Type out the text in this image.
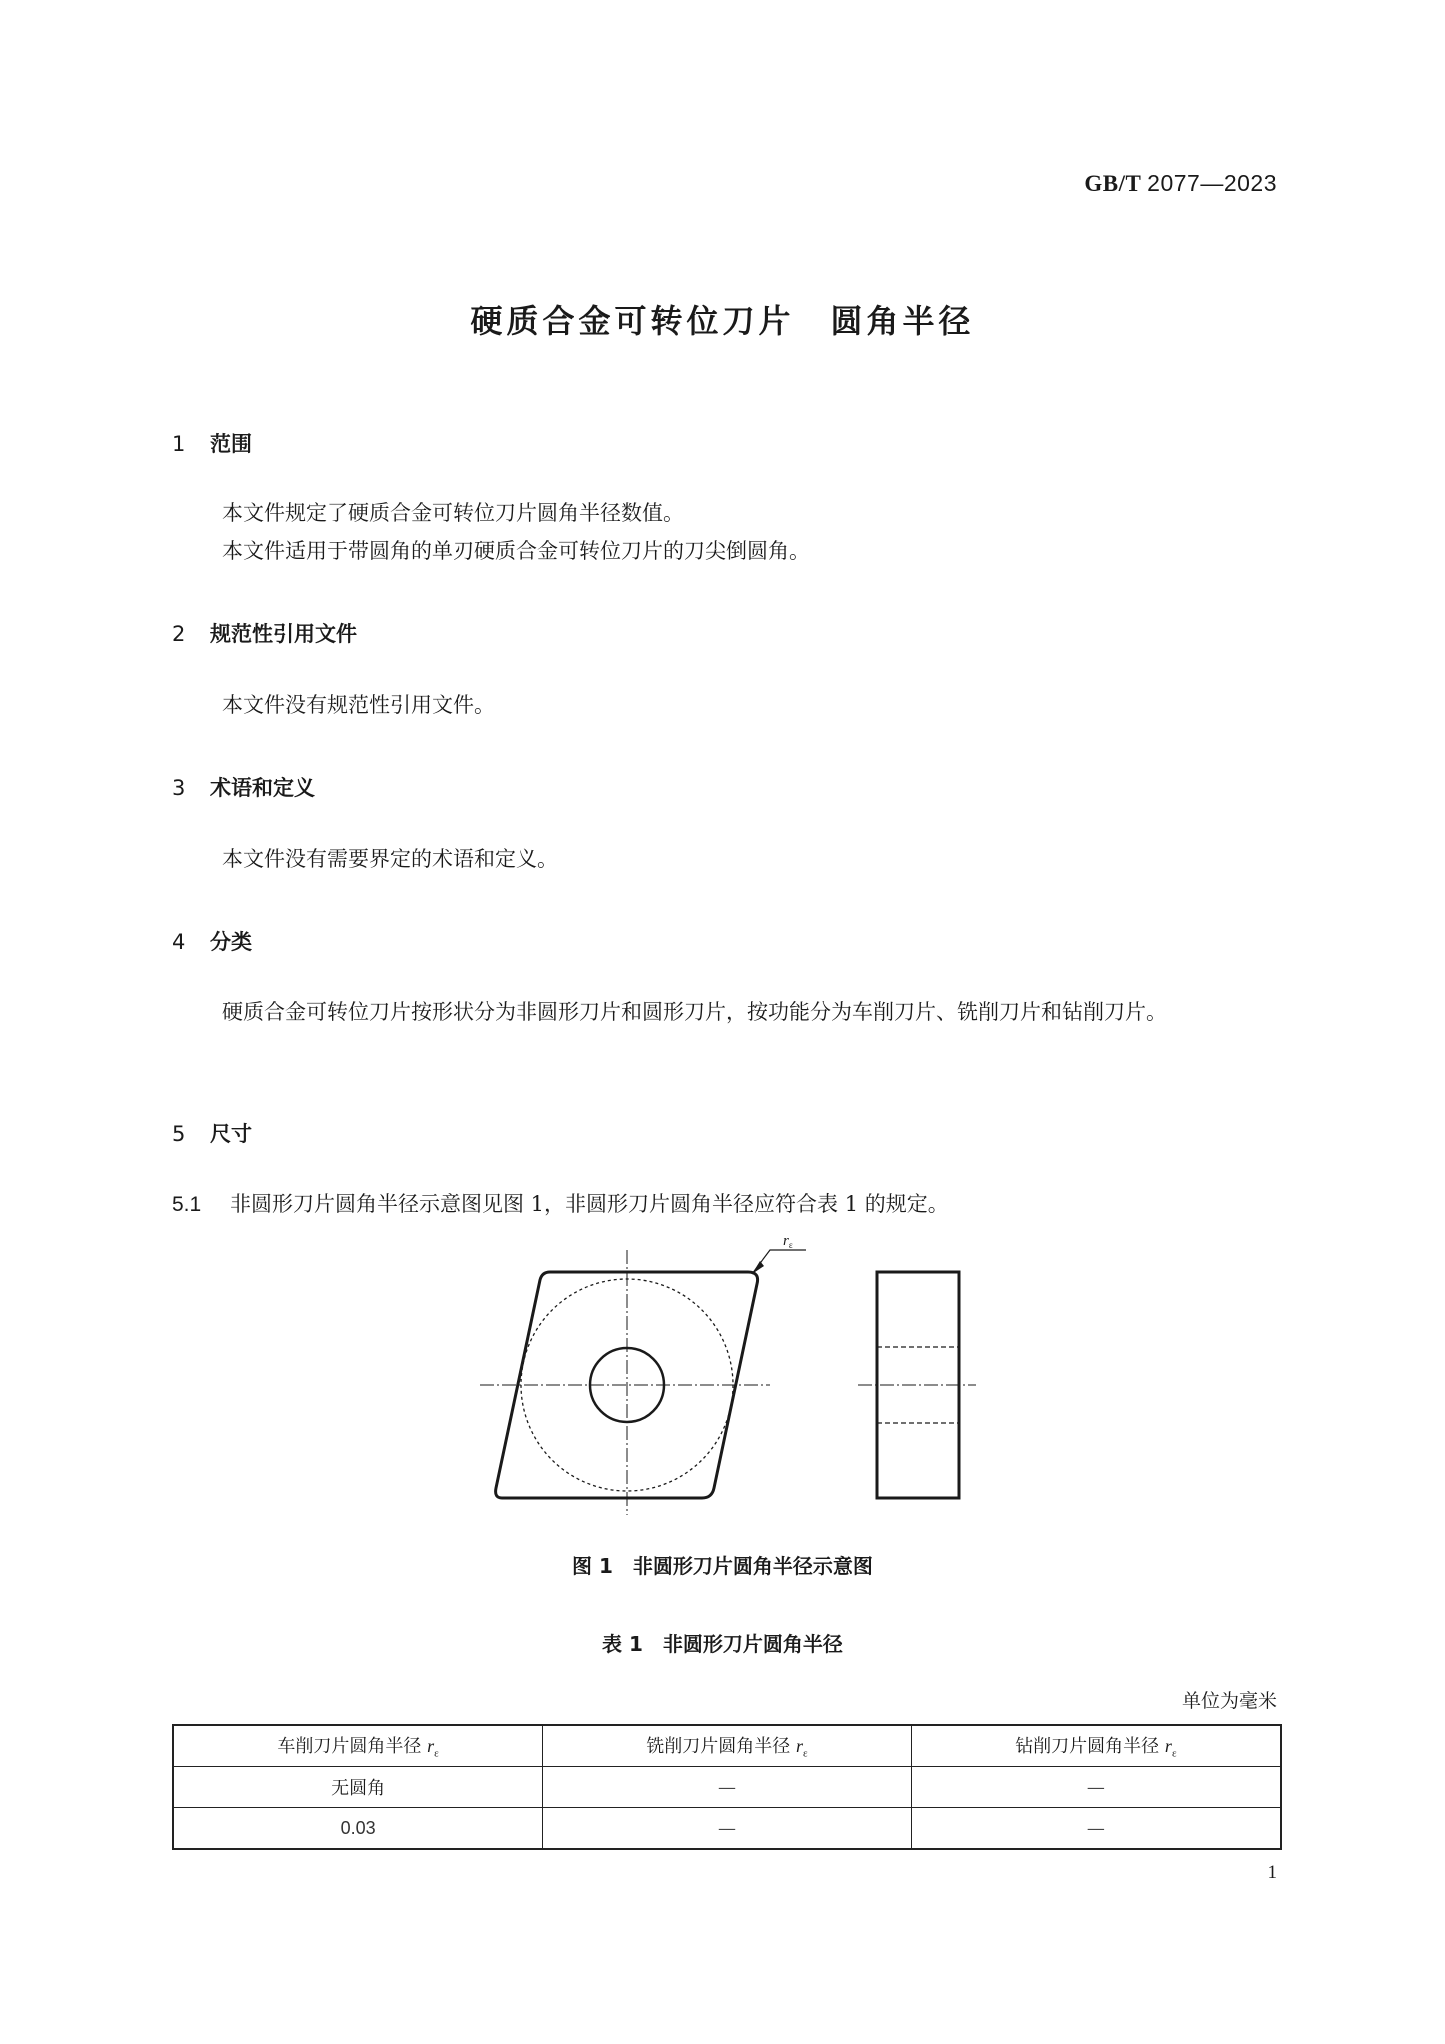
GB/T 2077—2023
硬质合金可转位刀片　圆角半径
1 范围
本文件规定了硬质合金可转位刀片圆角半径数值。
本文件适用于带圆角的单刃硬质合金可转位刀片的刀尖倒圆角。
2 规范性引用文件
本文件没有规范性引用文件。
3 术语和定义
本文件没有需要界定的术语和定义。
4 分类
硬质合金可转位刀片按形状分为非圆形刀片和圆形刀片，按功能分为车削刀片、铣削刀片和钻削刀片。
5 尺寸
5.1 非圆形刀片圆角半径示意图见图 1，非圆形刀片圆角半径应符合表 1 的规定。
$r_\varepsilon$
图 1　非圆形刀片圆角半径示意图
表 1　非圆形刀片圆角半径
单位为毫米
车削刀片圆角半径 $r_\varepsilon$	铣削刀片圆角半径 $r_\varepsilon$	钻削刀片圆角半径 $r_\varepsilon$
无圆角	—	—
0.03	—	—
1
